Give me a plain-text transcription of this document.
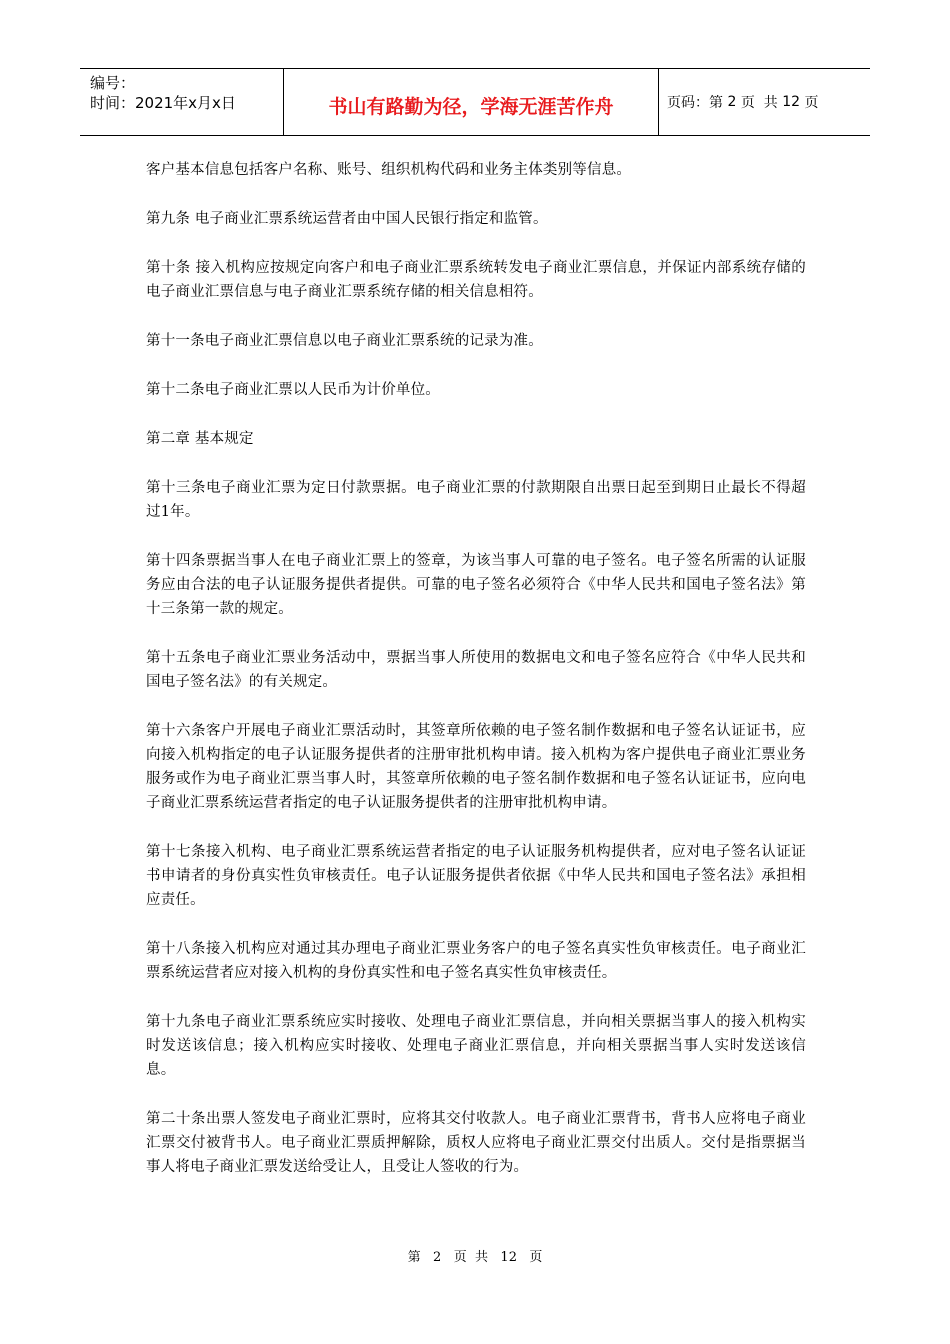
编号：
时间：2021年x月x日	书山有路勤为径，学海无涯苦作舟	页码：第
2
页  共
12
页

客户基本信息包括客户名称、账号、组织机构代码和业务主体类别等信息。

第九条 电子商业汇票系统运营者由中国人民银行指定和监管。

第十条 接入机构应按规定向客户和电子商业汇票系统转发电子商业汇票信息，并保证内部系统存储的电子商业汇票信息与电子商业汇票系统存储的相关信息相符。

第十一条电子商业汇票信息以电子商业汇票系统的记录为准。

第十二条电子商业汇票以人民币为计价单位。

第二章 基本规定

第十三条电子商业汇票为定日付款票据。电子商业汇票的付款期限自出票日起至到期日止最长不得超过1年。

第十四条票据当事人在电子商业汇票上的签章，为该当事人可靠的电子签名。电子签名所需的认证服务应由合法的电子认证服务提供者提供。可靠的电子签名必须符合《中华人民共和国电子签名法》第十三条第一款的规定。

第十五条电子商业汇票业务活动中，票据当事人所使用的数据电文和电子签名应符合《中华人民共和国电子签名法》的有关规定。

第十六条客户开展电子商业汇票活动时，其签章所依赖的电子签名制作数据和电子签名认证证书，应向接入机构指定的电子认证服务提供者的注册审批机构申请。接入机构为客户提供电子商业汇票业务服务或作为电子商业汇票当事人时，其签章所依赖的电子签名制作数据和电子签名认证证书，应向电子商业汇票系统运营者指定的电子认证服务提供者的注册审批机构申请。

第十七条接入机构、电子商业汇票系统运营者指定的电子认证服务机构提供者，应对电子签名认证证书申请者的身份真实性负审核责任。电子认证服务提供者依据《中华人民共和国电子签名法》承担相应责任。

第十八条接入机构应对通过其办理电子商业汇票业务客户的电子签名真实性负审核责任。电子商业汇票系统运营者应对接入机构的身份真实性和电子签名真实性负审核责任。

第十九条电子商业汇票系统应实时接收、处理电子商业汇票信息，并向相关票据当事人的接入机构实时发送该信息；接入机构应实时接收、处理电子商业汇票信息，并向相关票据当事人实时发送该信息。

第二十条出票人签发电子商业汇票时，应将其交付收款人。电子商业汇票背书，背书人应将电子商业汇票交付被背书人。电子商业汇票质押解除，质权人应将电子商业汇票交付出质人。交付是指票据当事人将电子商业汇票发送给受让人，且受让人签收的行为。

第 2 页  共 12 页
